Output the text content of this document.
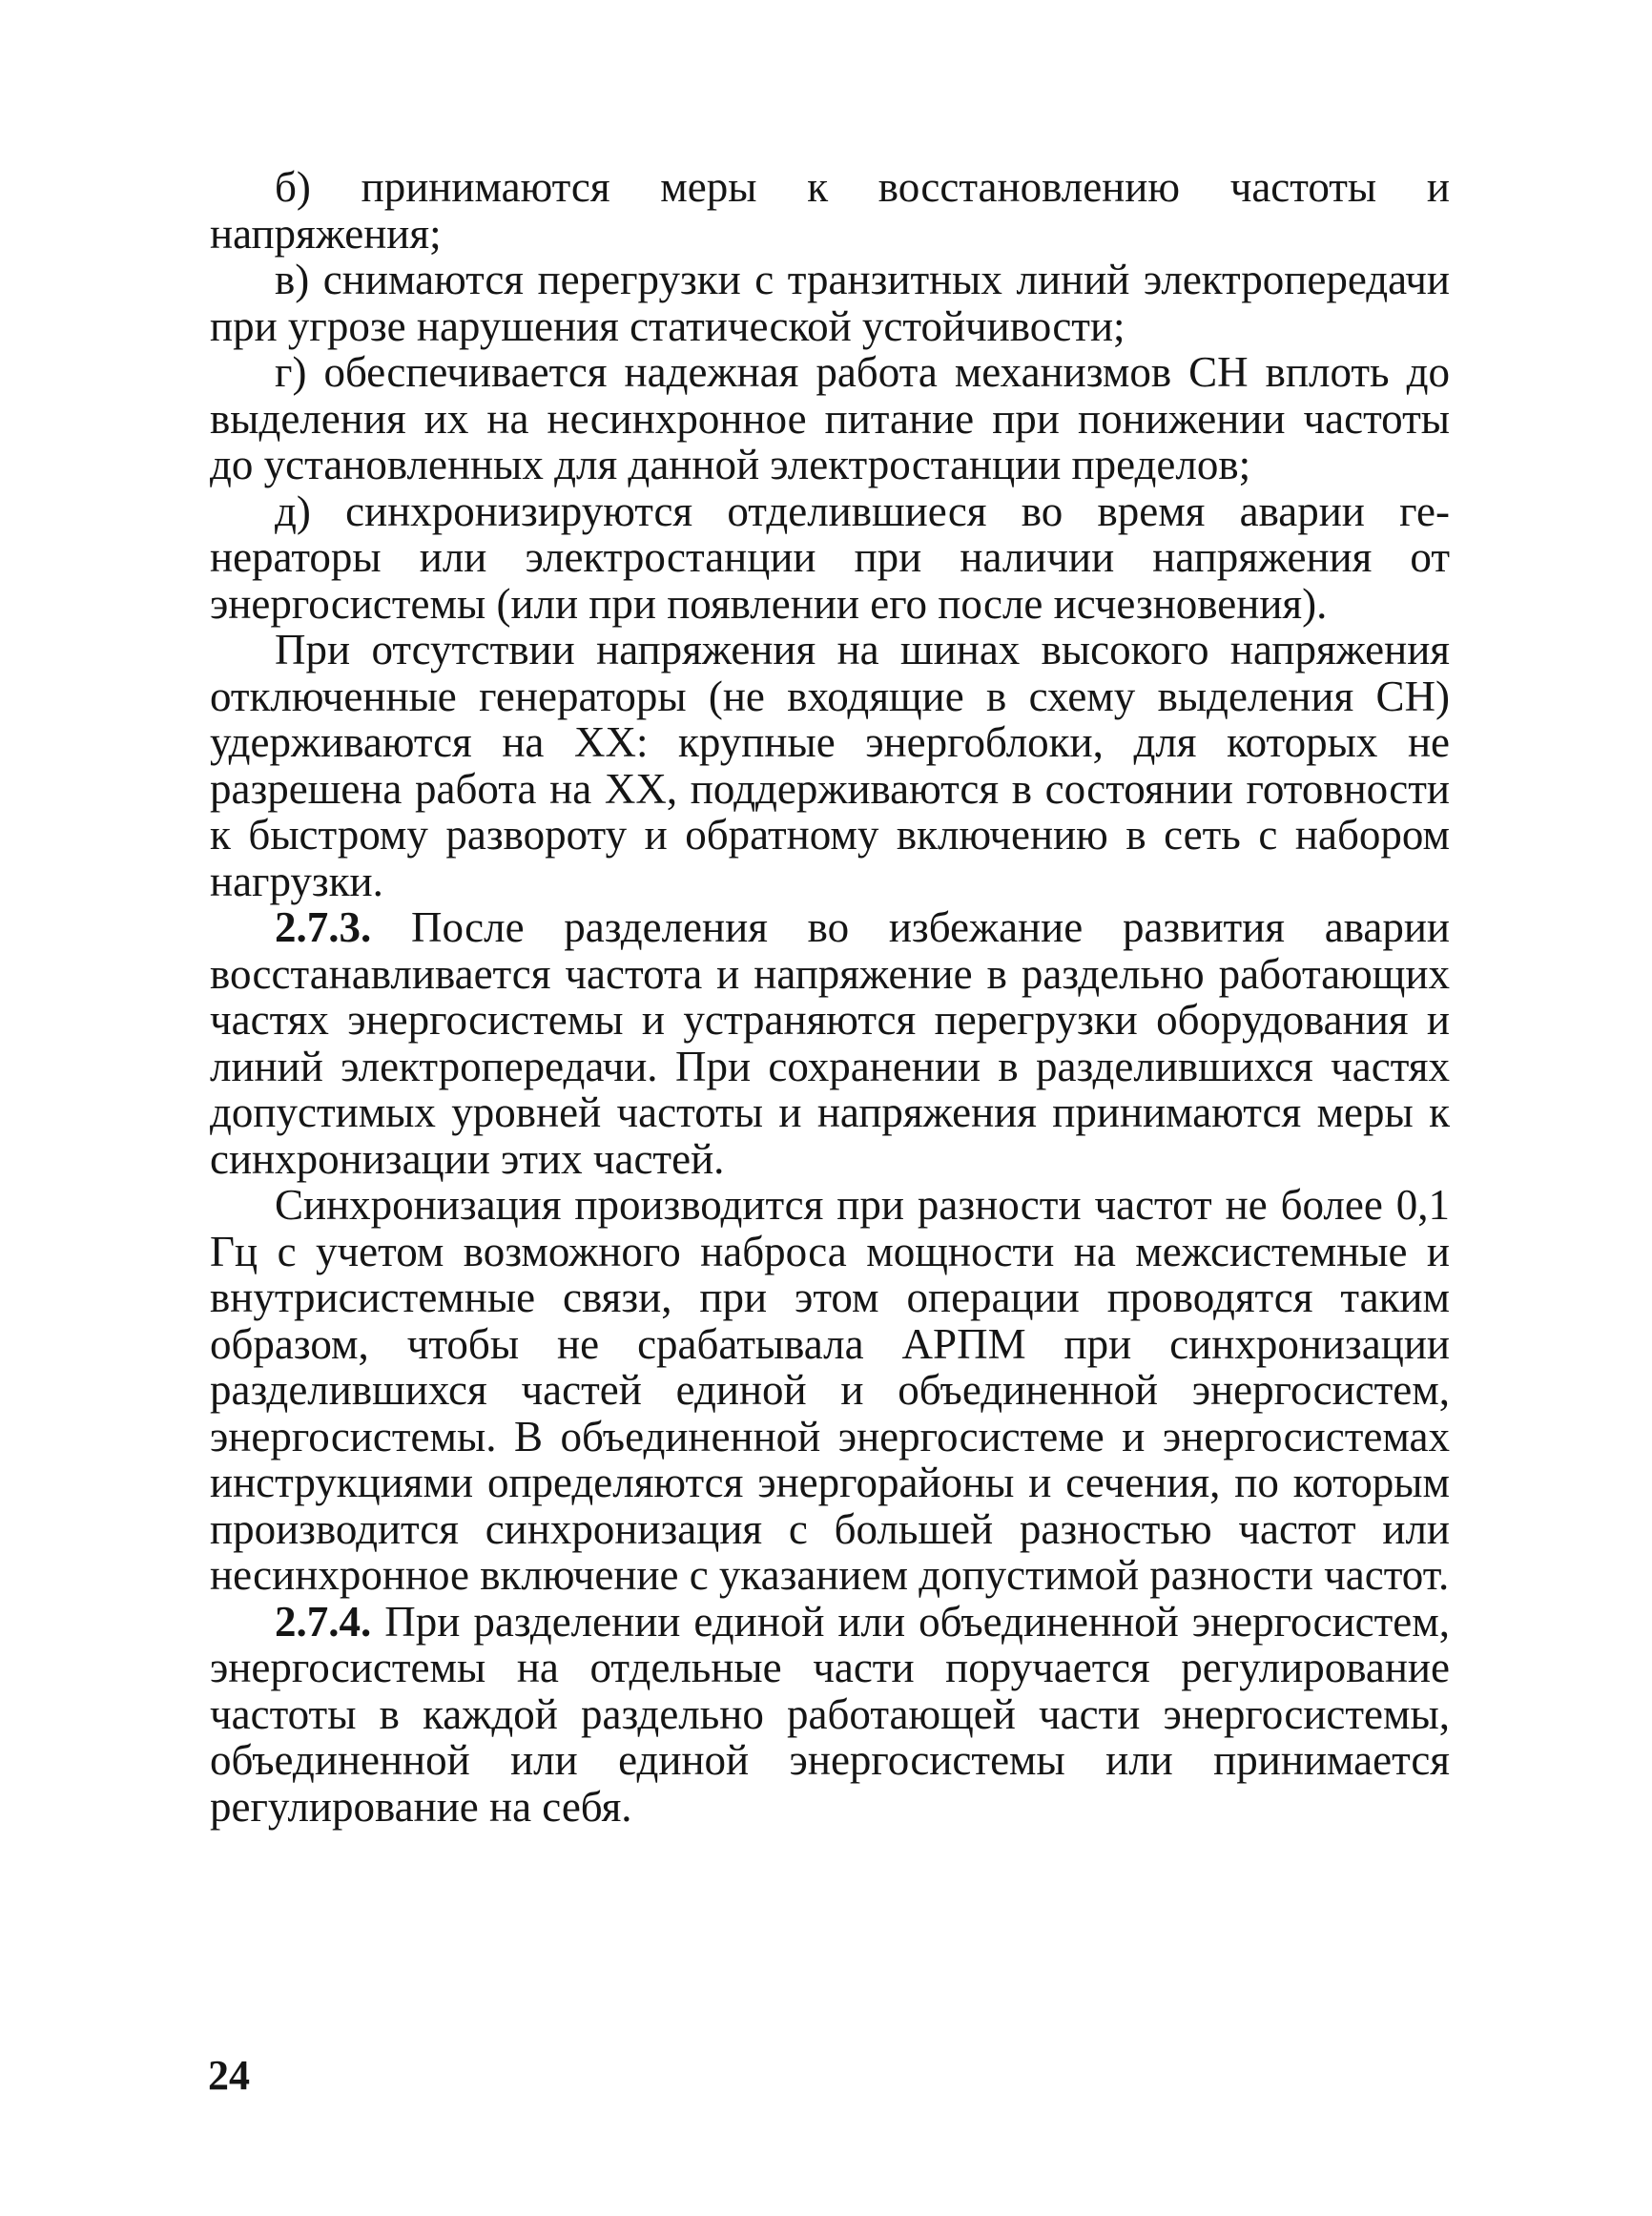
б) принимаются меры к восстановлению частоты и напряжения;

в) снимаются перегрузки с транзитных линий электропередачи при угрозе нарушения статической устойчивости;

г) обеспечивается надежная работа механизмов СН вплоть до выделения их на несинхронное питание при понижении частоты до установленных для данной электростанции пределов;

д) синхронизируются отделившиеся во время аварии генераторы или электростанции при наличии напряжения от энергосистемы (или при появлении его после исчезновения).

При отсутствии напряжения на шинах высокого напряжения отключенные генераторы (не входящие в схему выделения СН) удерживаются на XX: крупные энергоблоки, для которых не разрешена работа на XX, поддерживаются в состоянии готовности к быстрому развороту и обратному включению в сеть с набором нагрузки.

2.7.3. После разделения во избежание развития аварии восстанавливается частота и напряжение в раздельно работающих частях энергосистемы и устраняются перегрузки оборудования и линий электропередачи. При сохранении в разделившихся частях допустимых уровней частоты и напряжения принимаются меры к синхронизации этих частей.

Синхронизация производится при разности частот не более 0,1 Гц с учетом возможного наброса мощности на межсистемные и внутрисистемные связи, при этом операции проводятся таким образом, чтобы не срабатывала АРПМ при синхронизации разделившихся частей единой и объединенной энергосистем, энергосистемы. В объединенной энергосистеме и энергосистемах инструкциями определяются энергорайоны и сечения, по которым производится синхронизация с большей разностью частот или несинхронное включение с указанием допустимой разности частот.

2.7.4. При разделении единой или объединенной энергосистем, энергосистемы на отдельные части поручается регулирование частоты в каждой раздельно работающей части энергосистемы, объединенной или единой энергосистемы или принимается регулирование на себя.

24
